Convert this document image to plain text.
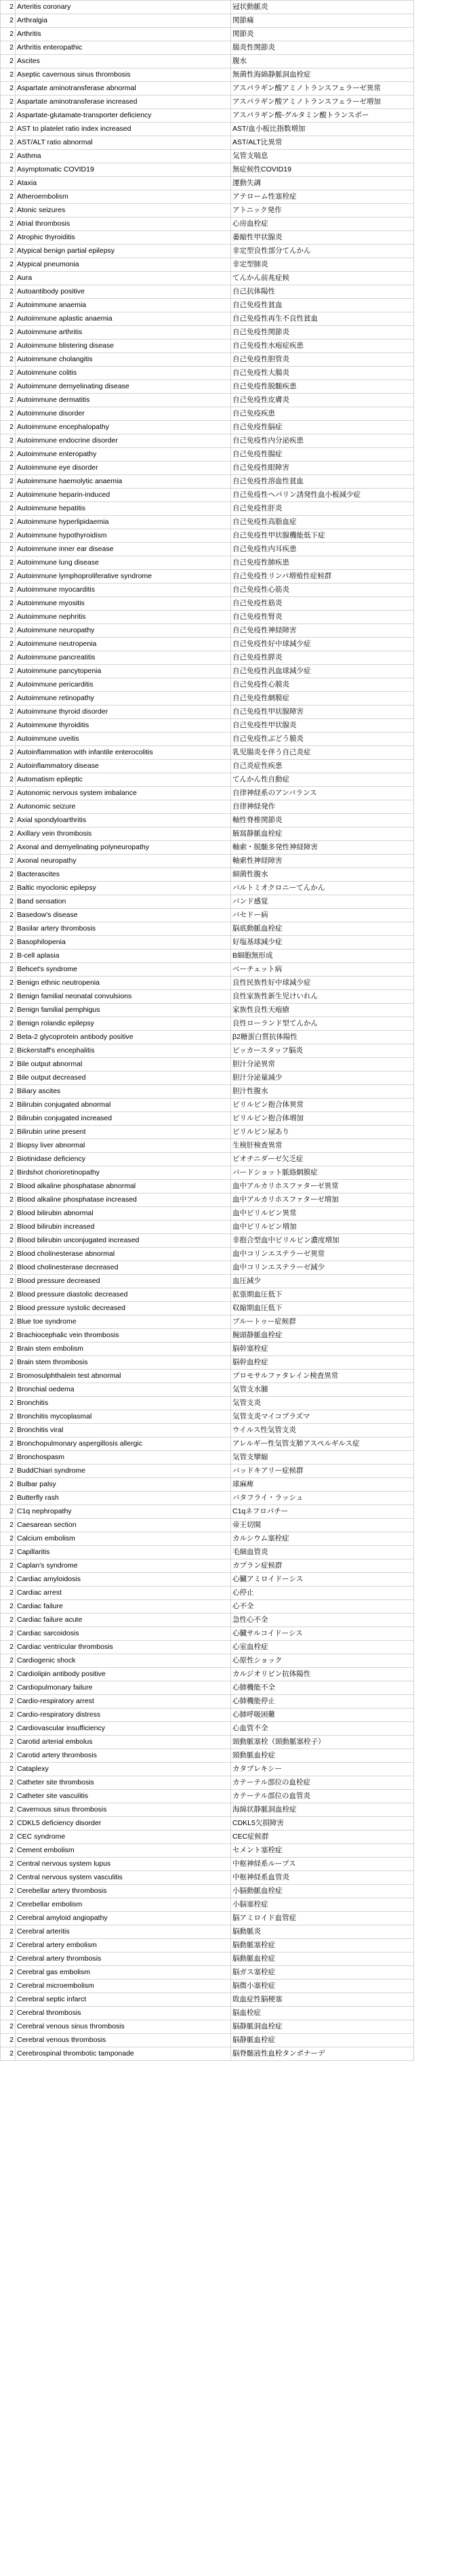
2	Arteritis coronary	冠状動脈炎
2	Arthralgia	関節痛
2	Arthritis	関節炎
2	Arthritis enteropathic	腸炎性関節炎
2	Ascites	腹水
2	Aseptic cavernous sinus thrombosis	無菌性海綿静脈洞血栓症
2	Aspartate aminotransferase abnormal	アスパラギン酸アミノトランスフェラーゼ異常
2	Aspartate aminotransferase increased	アスパラギン酸アミノトランスフェラーゼ増加
2	Aspartate-glutamate-transporter deficiency	アスパラギン酸-グルタミン酸トランスポー
2	AST to platelet ratio index increased	AST/血小板比指数増加
2	AST/ALT ratio abnormal	AST/ALT比異常
2	Asthma	気管支喘息
2	Asymptomatic COVID19	無症候性COVID19
2	Ataxia	運動失調
2	Atheroembolism	アテローム性塞栓症
2	Atonic seizures	アトニック発作
2	Atrial thrombosis	心房血栓症
2	Atrophic thyroiditis	萎縮性甲状腺炎
2	Atypical benign partial epilepsy	非定型良性部分てんかん
2	Atypical pneumonia	非定型肺炎
2	Aura	てんかん前兆症候
2	Autoantibody positive	自己抗体陽性
2	Autoimmune anaemia	自己免疫性貧血
2	Autoimmune aplastic anaemia	自己免疫性再生不良性貧血
2	Autoimmune arthritis	自己免疫性関節炎
2	Autoimmune blistering disease	自己免疫性水疱症疾患
2	Autoimmune cholangitis	自己免疫性胆管炎
2	Autoimmune colitis	自己免疫性大腸炎
2	Autoimmune demyelinating disease	自己免疫性脱髄疾患
2	Autoimmune dermatitis	自己免疫性皮膚炎
2	Autoimmune disorder	自己免疫疾患
2	Autoimmune encephalopathy	自己免疫性脳症
2	Autoimmune endocrine disorder	自己免疫性内分泌疾患
2	Autoimmune enteropathy	自己免疫性腸症
2	Autoimmune eye disorder	自己免疫性眼障害
2	Autoimmune haemolytic anaemia	自己免疫性溶血性貧血
2	Autoimmune heparin-induced	自己免疫性ヘパリン誘発性血小板減少症
2	Autoimmune hepatitis	自己免疫性肝炎
2	Autoimmune hyperlipidaemia	自己免疫性高脂血症
2	Autoimmune hypothyroidism	自己免疫性甲状腺機能低下症
2	Autoimmune inner ear disease	自己免疫性内耳疾患
2	Autoimmune lung disease	自己免疫性肺疾患
2	Autoimmune lymphoproliferative syndrome	自己免疫性リンパ増殖性症候群
2	Autoimmune myocarditis	自己免疫性心筋炎
2	Autoimmune myositis	自己免疫性筋炎
2	Autoimmune nephritis	自己免疫性腎炎
2	Autoimmune neuropathy	自己免疫性神経障害
2	Autoimmune neutropenia	自己免疫性好中球減少症
2	Autoimmune pancreatitis	自己免疫性膵炎
2	Autoimmune pancytopenia	自己免疫性汎血球減少症
2	Autoimmune pericarditis	自己免疫性心膜炎
2	Autoimmune retinopathy	自己免疫性網膜症
2	Autoimmune thyroid disorder	自己免疫性甲状腺障害
2	Autoimmune thyroiditis	自己免疫性甲状腺炎
2	Autoimmune uveitis	自己免疫性ぶどう膜炎
2	Autoinflammation with infantile enterocolitis	乳児腸炎を伴う自己炎症
2	Autoinflammatory disease	自己炎症性疾患
2	Automatism epileptic	てんかん性自動症
2	Autonomic nervous system imbalance	自律神経系のアンバランス
2	Autonomic seizure	自律神経発作
2	Axial spondyloarthritis	軸性脊椎関節炎
2	Axillary vein thrombosis	腋窩静脈血栓症
2	Axonal and demyelinating polyneuropathy	軸索・脱髄多発性神経障害
2	Axonal neuropathy	軸索性神経障害
2	Bacterascites	細菌性腹水
2	Baltic myoclonic epilepsy	バルトミオクロニーてんかん
2	Band sensation	バンド感覚
2	Basedow's disease	バセドー病
2	Basilar artery thrombosis	脳底動脈血栓症
2	Basophilopenia	好塩基球減少症
2	B-cell aplasia	B細胞無形成
2	Behcet's syndrome	ベーチェット病
2	Benign ethnic neutropenia	良性民族性好中球減少症
2	Benign familial neonatal convulsions	良性家族性新生児けいれん
2	Benign familial pemphigus	家族性良性天疱瘡
2	Benign rolandic epilepsy	良性ローランド型てんかん
2	Beta-2 glycoprotein antibody positive	β2糖蛋白質抗体陽性
2	Bickerstaff's encephalitis	ビッカースタッフ脳炎
2	Bile output abnormal	胆汁分泌異常
2	Bile output decreased	胆汁分泌量減少
2	Biliary ascites	胆汁性腹水
2	Bilirubin conjugated abnormal	ビリルビン抱合体異常
2	Bilirubin conjugated increased	ビリルビン抱合体増加
2	Bilirubin urine present	ビリルビン尿あり
2	Biopsy liver abnormal	生検肝検査異常
2	Biotinidase deficiency	ビオチニダーゼ欠乏症
2	Birdshot chorioretinopathy	バードショット脈絡網膜症
2	Blood alkaline phosphatase abnormal	血中アルカリホスファターゼ異常
2	Blood alkaline phosphatase increased	血中アルカリホスファターゼ増加
2	Blood bilirubin abnormal	血中ビリルビン異常
2	Blood bilirubin increased	血中ビリルビン増加
2	Blood bilirubin unconjugated increased	非抱合型血中ビリルビン濃度増加
2	Blood cholinesterase abnormal	血中コリンエステラーゼ異常
2	Blood cholinesterase decreased	血中コリンエステラーゼ減少
2	Blood pressure decreased	血圧減少
2	Blood pressure diastolic decreased	拡張期血圧低下
2	Blood pressure systolic decreased	収縮期血圧低下
2	Blue toe syndrome	ブルートゥー症候群
2	Brachiocephalic vein thrombosis	腕頭静脈血栓症
2	Brain stem embolism	脳幹塞栓症
2	Brain stem thrombosis	脳幹血栓症
2	Bromosulphthalein test abnormal	ブロモサルファタレイン検査異常
2	Bronchial oedema	気管支水腫
2	Bronchitis	気管支炎
2	Bronchitis mycoplasmal	気管支炎マイコプラズマ
2	Bronchitis viral	ウイルス性気管支炎
2	Bronchopulmonary aspergillosis allergic	アレルギー性気管支肺アスペルギルス症
2	Bronchospasm	気管支攣縮
2	BuddChiari syndrome	バッドキアリー症候群
2	Bulbar palsy	球麻痺
2	Butterfly rash	バタフライ・ラッシュ
2	C1q nephropathy	C1qネフロパチー
2	Caesarean section	帝王切開
2	Calcium embolism	カルシウム塞栓症
2	Capillaritis	毛細血管炎
2	Caplan's syndrome	カプラン症候群
2	Cardiac amyloidosis	心臓アミロイドーシス
2	Cardiac arrest	心停止
2	Cardiac failure	心不全
2	Cardiac failure acute	急性心不全
2	Cardiac sarcoidosis	心臓サルコイドーシス
2	Cardiac ventricular thrombosis	心室血栓症
2	Cardiogenic shock	心原性ショック
2	Cardiolipin antibody positive	カルジオリピン抗体陽性
2	Cardiopulmonary failure	心肺機能不全
2	Cardio-respiratory arrest	心肺機能停止
2	Cardio-respiratory distress	心肺呼吸困難
2	Cardiovascular insufficiency	心血管不全
2	Carotid arterial embolus	頸動脈塞栓（頸動脈塞栓子）
2	Carotid artery thrombosis	頸動脈血栓症
2	Cataplexy	カタプレキシー
2	Catheter site thrombosis	カテーテル部位の血栓症
2	Catheter site vasculitis	カテーテル部位の血管炎
2	Cavernous sinus thrombosis	海綿状静脈洞血栓症
2	CDKL5 deficiency disorder	CDKL5欠損障害
2	CEC syndrome	CEC症候群
2	Cement embolism	セメント塞栓症
2	Central nervous system lupus	中枢神経系ループス
2	Central nervous system vasculitis	中枢神経系血管炎
2	Cerebellar artery thrombosis	小脳動脈血栓症
2	Cerebellar embolism	小脳塞栓症
2	Cerebral amyloid angiopathy	脳アミロイド血管症
2	Cerebral arteritis	脳動脈炎
2	Cerebral artery embolism	脳動脈塞栓症
2	Cerebral artery thrombosis	脳動脈血栓症
2	Cerebral gas embolism	脳ガス塞栓症
2	Cerebral microembolism	脳微小塞栓症
2	Cerebral septic infarct	敗血症性脳梗塞
2	Cerebral thrombosis	脳血栓症
2	Cerebral venous sinus thrombosis	脳静脈洞血栓症
2	Cerebral venous thrombosis	脳静脈血栓症
2	Cerebrospinal thrombotic tamponade	脳脊髄液性血栓タンポナーデ
